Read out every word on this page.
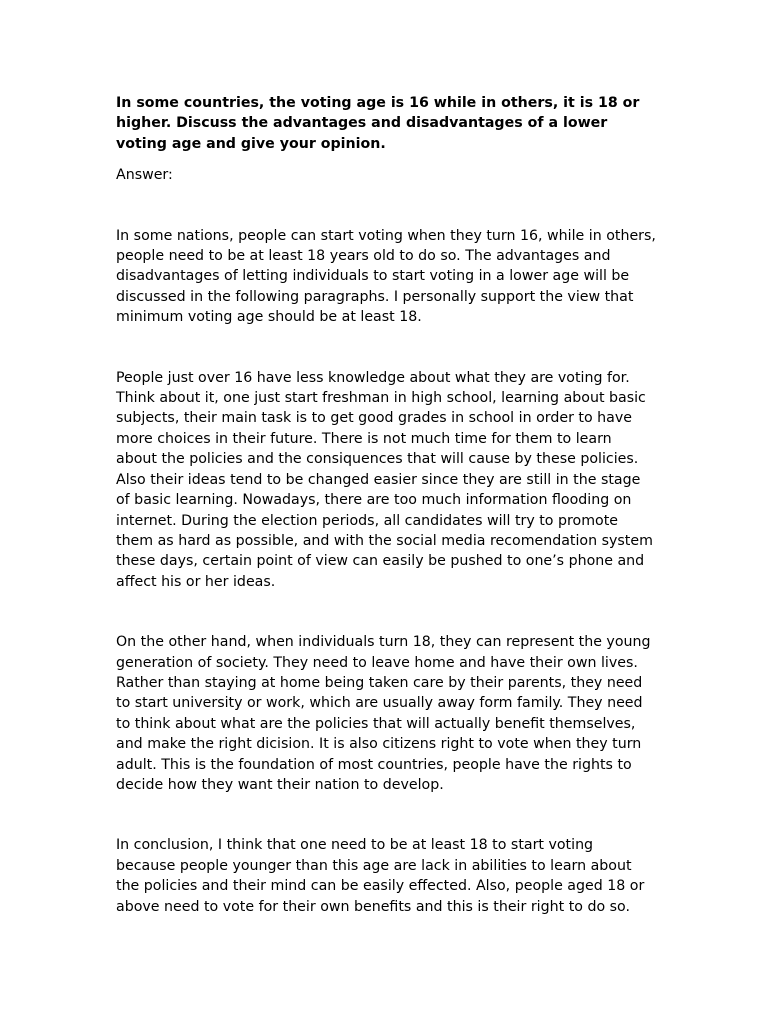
In some countries, the voting age is 16 while in others, it is 18 or higher. Discuss the advantages and disadvantages of a lower voting age and give your opinion.
Answer:
In some nations, people can start voting when they turn 16, while in others, people need to be at least 18 years old to do so. The advantages and disadvantages of letting individuals to start voting in a lower age will be discussed in the following paragraphs. I personally support the view that minimum voting age should be at least 18.
People just over 16 have less knowledge about what they are voting for. Think about it, one just start freshman in high school, learning about basic subjects, their main task is to get good grades in school in order to have more choices in their future. There is not much time for them to learn about the policies and the consiquences that will cause by these policies. Also their ideas tend to be changed easier since they are still in the stage of basic learning. Nowadays, there are too much information flooding on internet. During the election periods, all candidates will try to promote them as hard as possible, and with the social media recomendation system these days, certain point of view can easily be pushed to one’s phone and affect his or her ideas.
On the other hand, when individuals turn 18, they can represent the young generation of society. They need to leave home and have their own lives. Rather than staying at home being taken care by their parents, they need to start university or work, which are usually away form family. They need to think about what are the policies that will actually benefit themselves, and make the right dicision. It is also citizens right to vote when they turn adult. This is the foundation of most countries, people have the rights to decide how they want their nation to develop.
In conclusion, I think that one need to be at least 18 to start voting because people younger than this age are lack in abilities to learn about the policies and their mind can be easily effected. Also, people aged 18 or above need to vote for their own benefits and this is their right to do so.
